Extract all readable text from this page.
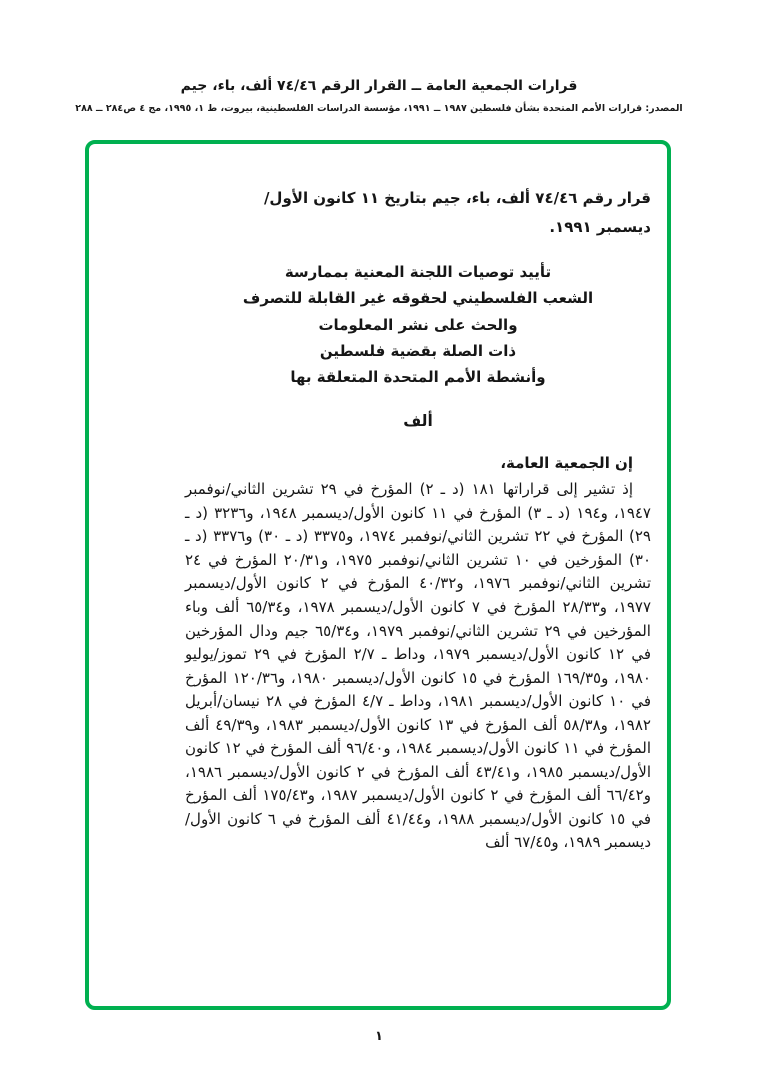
قرارات الجمعية العامة ــ القرار الرقم ٧٤/٤٦ ألف، باء، جيم
المصدر: قرارات الأمم المتحدة بشأن فلسطين ١٩٨٧ ــ ١٩٩١، مؤسسة الدراسات الفلسطينية، بيروت، ط ١، ١٩٩٥، مج ٤ ص٢٨٤ ــ ٢٨٨

قرار رقم ٧٤/٤٦ ألف، باء، جيم بتاريخ ١١ كانون الأول/ ديسمبر ١٩٩١.

تأييد توصيات اللجنة المعنية بممارسة
الشعب الفلسطيني لحقوقه غير القابلة للتصرف
والحث على نشر المعلومات
ذات الصلة بقضية فلسطين
وأنشطة الأمم المتحدة المتعلقة بها
ألف

إن الجمعية العامة،

إذ تشير إلى قراراتها ١٨١ (د ـ ٢) المؤرخ في ٢٩ تشرين الثاني/نوفمبر ١٩٤٧، و١٩٤ (د ـ ٣) المؤرخ في ١١ كانون الأول/ديسمبر ١٩٤٨، و٣٢٣٦ (د ـ ٢٩) المؤرخ في ٢٢ تشرين الثاني/نوفمبر ١٩٧٤، و٣٣٧٥ (د ـ ٣٠) و٣٣٧٦ (د ـ ٣٠) المؤرخين في ١٠ تشرين الثاني/نوفمبر ١٩٧٥، و٢٠/٣١ المؤرخ في ٢٤ تشرين الثاني/نوفمبر ١٩٧٦، و٤٠/٣٢ المؤرخ في ٢ كانون الأول/ديسمبر ١٩٧٧، و٢٨/٣٣ المؤرخ في ٧ كانون الأول/ديسمبر ١٩٧٨، و٦٥/٣٤ ألف وباء المؤرخين في ٢٩ تشرين الثاني/نوفمبر ١٩٧٩، و٦٥/٣٤ جيم ودال المؤرخين في ١٢ كانون الأول/ديسمبر ١٩٧٩، وداط ـ ٢/٧ المؤرخ في ٢٩ تموز/يوليو ١٩٨٠، و١٦٩/٣٥ المؤرخ في ١٥ كانون الأول/ديسمبر ١٩٨٠، و١٢٠/٣٦ المؤرخ في ١٠ كانون الأول/ديسمبر ١٩٨١، وداط ـ ٤/٧ المؤرخ في ٢٨ نيسان/أبريل ١٩٨٢، و٥٨/٣٨ ألف المؤرخ في ١٣ كانون الأول/ديسمبر ١٩٨٣، و٤٩/٣٩ ألف المؤرخ في ١١ كانون الأول/ديسمبر ١٩٨٤، و٩٦/٤٠ ألف المؤرخ في ١٢ كانون الأول/ديسمبر ١٩٨٥، و٤٣/٤١ ألف المؤرخ في ٢ كانون الأول/ديسمبر ١٩٨٦، و٦٦/٤٢ ألف المؤرخ في ٢ كانون الأول/ديسمبر ١٩٨٧، و١٧٥/٤٣ ألف المؤرخ في ١٥ كانون الأول/ديسمبر ١٩٨٨، و٤١/٤٤ ألف المؤرخ في ٦ كانون الأول/ديسمبر ١٩٨٩، و٦٧/٤٥ ألف

١
